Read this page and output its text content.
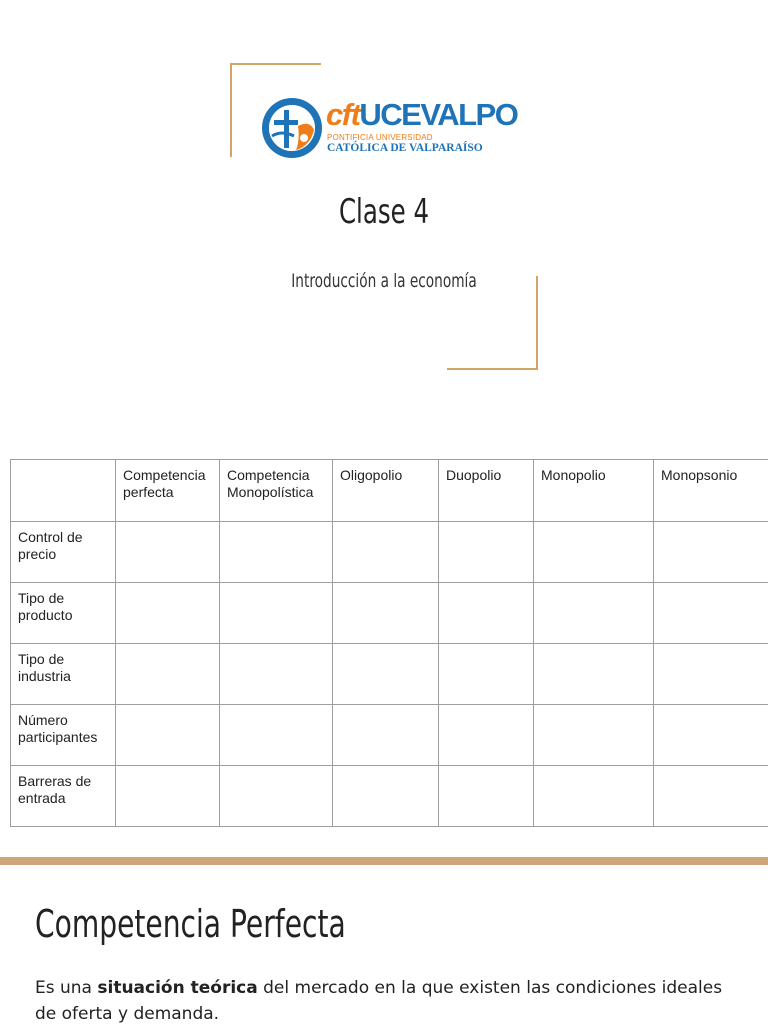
cftUCEVALPO
PONTIFICIA UNIVERSIDAD
CATÓLICA DE VALPARAÍSO
Clase 4
Introducción a la economía
	Competencia perfecta	Competencia Monopolística	Oligopolio	Duopolio	Monopolio	Monopsonio
Control de precio						
Tipo de producto						
Tipo de industria						
Número participantes						
Barreras de entrada						
Competencia Perfecta
Es una situación teórica del mercado en la que existen las condiciones ideales de oferta y demanda.
